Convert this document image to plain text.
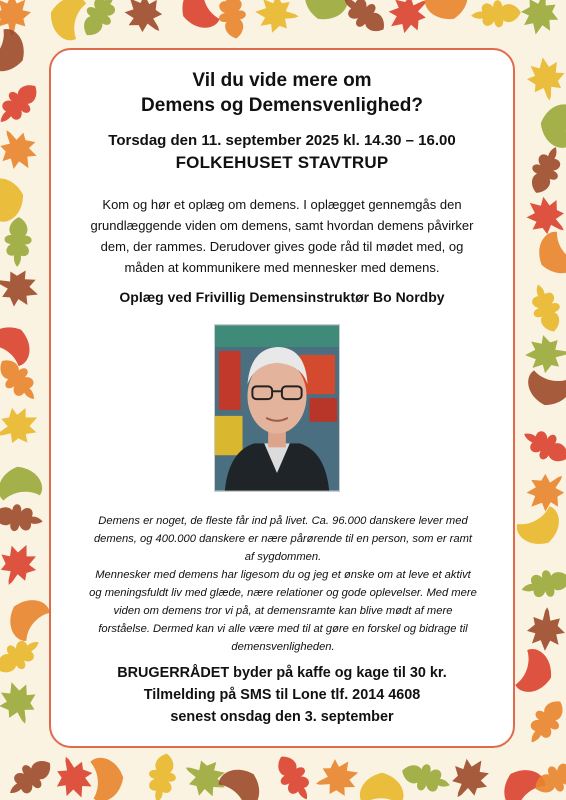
Vil du vide mere om
Demens og Demensvenlighed?
Torsdag den 11. september 2025 kl. 14.30 – 16.00
FOLKEHUSET STAVTRUP
Kom og hør et oplæg om demens. I oplægget gennemgås den
grundlæggende viden om demens, samt hvordan demens påvirker
dem, der rammes. Derudover gives gode råd til mødet med, og
måden at kommunikere med mennesker med demens.
Oplæg ved Frivillig Demensinstruktør Bo Nordby
Demens er noget, de fleste får ind på livet. Ca. 96.000 danskere lever med
demens, og 400.000 danskere er nære pårørende til en person, som er ramt
af sygdommen.
Mennesker med demens har ligesom du og jeg et ønske om at leve et aktivt
og meningsfuldt liv med glæde, nære relationer og gode oplevelser. Med mere
viden om demens tror vi på, at demensramte kan blive mødt af mere
forståelse. Dermed kan vi alle være med til at gøre en forskel og bidrage til
demensvenligheden.
BRUGERRÅDET byder på kaffe og kage til 30 kr.
Tilmelding på SMS til Lone tlf. 2014 4608
senest onsdag den 3. september
